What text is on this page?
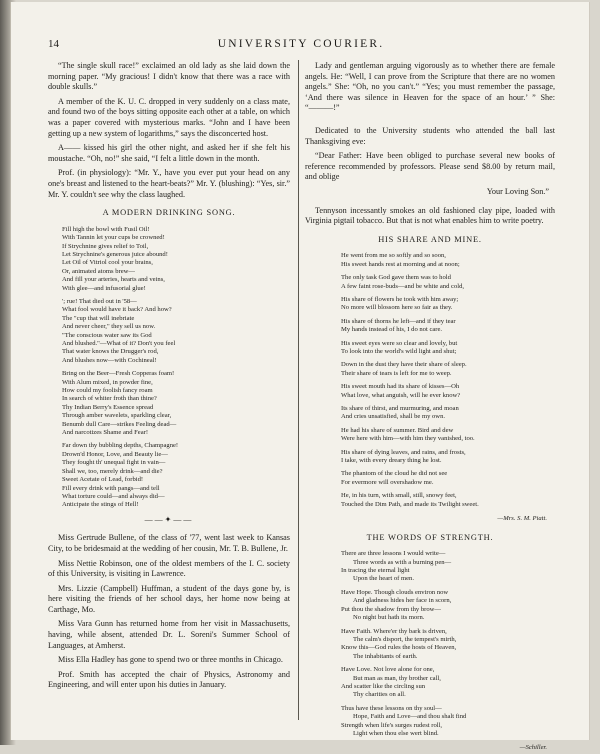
14	UNIVERSITY COURIER.

“The single skull race!” exclaimed an old lady as she laid down the morning paper. “My gracious! I didn't know that there was a race with double skulls.”

A member of the K. U. C. dropped in very suddenly on a class mate, and found two of the boys sitting opposite each other at a table, on which was a paper covered with mysterious marks. “John and I have been getting up a new system of logarithms,” says the disconcerted host.

A—— kissed his girl the other night, and asked her if she felt his moustache. “Oh, no!” she said, “I felt a little down in the month.

Prof. (in physiology): “Mr. Y., have you ever put your head on any one's breast and listened to the heart-beats?” Mr. Y. (blushing): “Yes, sir.” Mr. Y. couldn't see why the class laughed.

A MODERN DRINKING SONG.
Fill high the bowl with Fusil Oil!
With Tannin let your cups be crowned!
If Strychnine gives relief to Toil,
Let Strychnine's generous juice abound!
Let Oil of Vitriol cool your brains,
Or, animated atoms brew—
And fill your arteries, hearts and veins,
With glee—and infusorial glue!
'; rue! That died out in '58—
What fool would have it back? And how?
The "cup that will inebriate
And never cheer," they sell us now.
"The conscious water saw its God
And blushed."—What of it? Don't you feel
That water knows the Drugger's rod,
And blushes now—with Cochineal!
Bring on the Beer—Fresh Copperas foam!
With Alum mixed, in powder fine,
How could my foolish fancy roam
In search of whiter froth than thine?
Thy Indian Berry's Essence spread
Through amber wavelets, sparkling clear,
Benumb dull Care—strikes Feeling dead—
And narcotizes Shame and Fear!
Far down thy bubbling depths, Champagne!
Drown'd Honor, Love, and Beauty lie—
They fought th' unequal fight in vain—
Shall we, too, merely drink—and die?
Sweet Acetate of Lead, forbid!
Fill every drink with pangs—and tell
What torture could—and always did—
Anticipate the stings of Hell!
——✦——

Miss Gertrude Bullene, of the class of '77, went last week to Kansas City, to be bridesmaid at the wedding of her cousin, Mr. T. B. Bullene, Jr.

Miss Nettie Robinson, one of the oldest members of the I. C. society of this University, is visiting in Lawrence.

Mrs. Lizzie (Campbell) Huffman, a student of the days gone by, is here visiting the friends of her school days, her home now being at Carthage, Mo.

Miss Vara Gunn has returned home from her visit in Massachusetts, having, while absent, attended Dr. L. Soreni's Summer School of Languages, at Amherst.

Miss Ella Hadley has gone to spend two or three months in Chicago.

Prof. Smith has accepted the chair of Physics, Astronomy and Engineering, and will enter upon his duties in January.

Lady and gentleman arguing vigorously as to whether there are female angels. He: “Well, I can prove from the Scripture that there are no women angels.” She: “Oh, no you can't.” “Yes; you must remember the passage, ‘And there was silence in Heaven for the space of an hour.’ ” She: “———!”

Dedicated to the University students who attended the ball last Thanksgiving eve:

“Dear Father: Have been obliged to purchase several new books of reference recommended by professors. Please send $8.00 by return mail, and oblige

Your Loving Son.”

Tennyson incessantly smokes an old fashioned clay pipe, loaded with Virginia pigtail tobacco. But that is not what enables him to write poetry.

HIS SHARE AND MINE.
He went from me so softly and so soon,
His sweet hands rest at morning and at noon;
The only task God gave them was to hold
A few faint rose-buds—and be white and cold,
His share of flowers he took with him away;
No more will blossom here so fair as they.
His share of thorns he left—and if they tear
My hands instead of his, I do not care.
His sweet eyes were so clear and lovely, but
To look into the world's wild light and shut;
Down in the dust they have their share of sleep.
Their share of tears is left for me to weep.
His sweet mouth had its share of kisses—Oh
What love, what anguish, will he ever know?
Its share of thirst, and murmuring, and moan
And cries unsatisfied, shall be my own.
He had his share of summer. Bird and dew
Were here with him—with him they vanished, too.
His share of dying leaves, and rains, and frosts,
I take, with every dreary thing he lost.
The phantom of the cloud he did not see
For evermore will overshadow me.
He, in his turn, with small, still, snowy feet,
Touched the Dim Path, and made its Twilight sweet.
—Mrs. S. M. Piatt.
THE WORDS OF STRENGTH.
There are three lessons I would write—
Three words as with a burning pen—
In tracing the eternal light
Upon the heart of men.
Have Hope. Though clouds environ now
And gladness hides her face in scorn,
Put thou the shadow from thy brow—
No night but hath its morn.
Have Faith. Where'er thy bark is driven,
The calm's disport, the tempest's mirth,
Know this—God rules the hosts of Heaven,
The inhabitants of earth.
Have Love. Not love alone for one,
But man as man, thy brother call,
And scatter like the circling sun
Thy charities on all.
Thus have these lessons on thy soul—
Hope, Faith and Love—and thou shalt find
Strength when life's surges rudest roll,
Light when thou else wert blind.
—Schiller.
